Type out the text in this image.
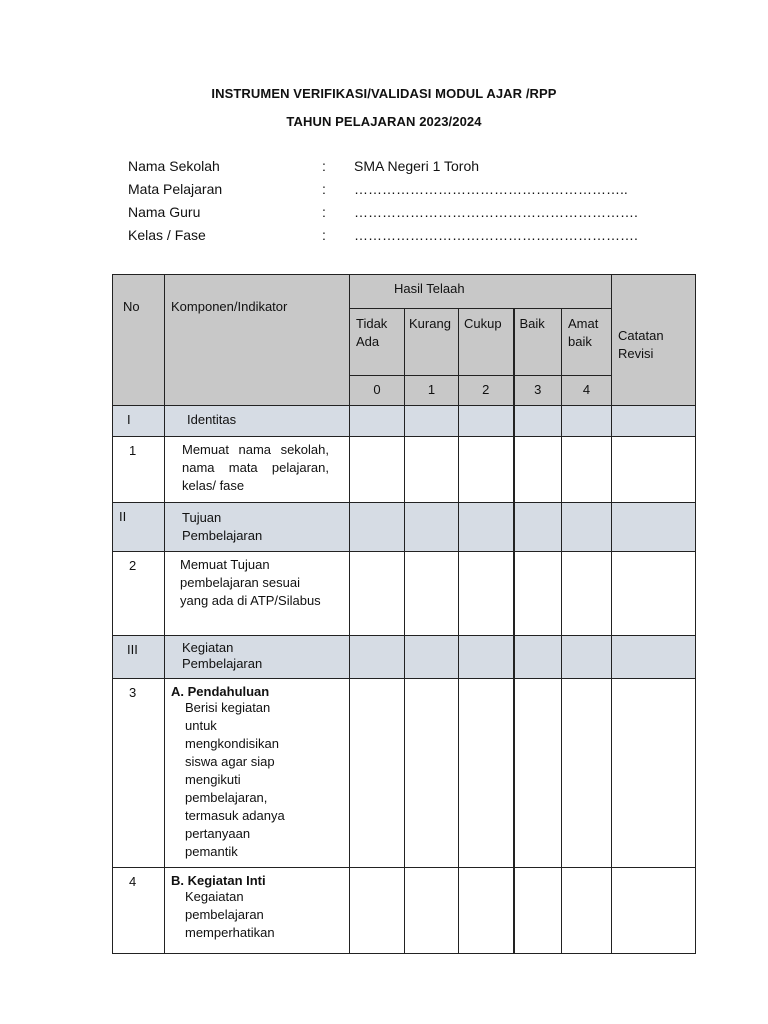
INSTRUMEN VERIFIKASI/VALIDASI MODUL AJAR /RPP
TAHUN PELAJARAN 2023/2024
Nama Sekolah	: SMA Negeri 1 Toroh
Mata Pelajaran	: …………………………………………………..
Nama Guru	: …………………………………………………….
Kelas / Fase	: …………………………………………………….
No	Komponen/Indikator	Hasil Telaah					Catatan Revisi

		Tidak Ada	Kurang	Cukup	Baik	Amat baik	

		0	1	2	3	4	

I	Identitas						

1	Memuat nama sekolah, nama mata pelajaran, kelas/ fase						

II	Tujuan Pembelajaran						

2	Memuat Tujuan pembelajaran sesuai yang ada di ATP/Silabus						

III	Kegiatan Pembelajaran						

3	A. Pendahuluan
Berisi kegiatan untuk mengkondisikan siswa agar siap mengikuti pembelajaran, termasuk adanya pertanyaan pemantik						

4	B. Kegiatan Inti
Kegaiatan pembelajaran memperhatikan						
